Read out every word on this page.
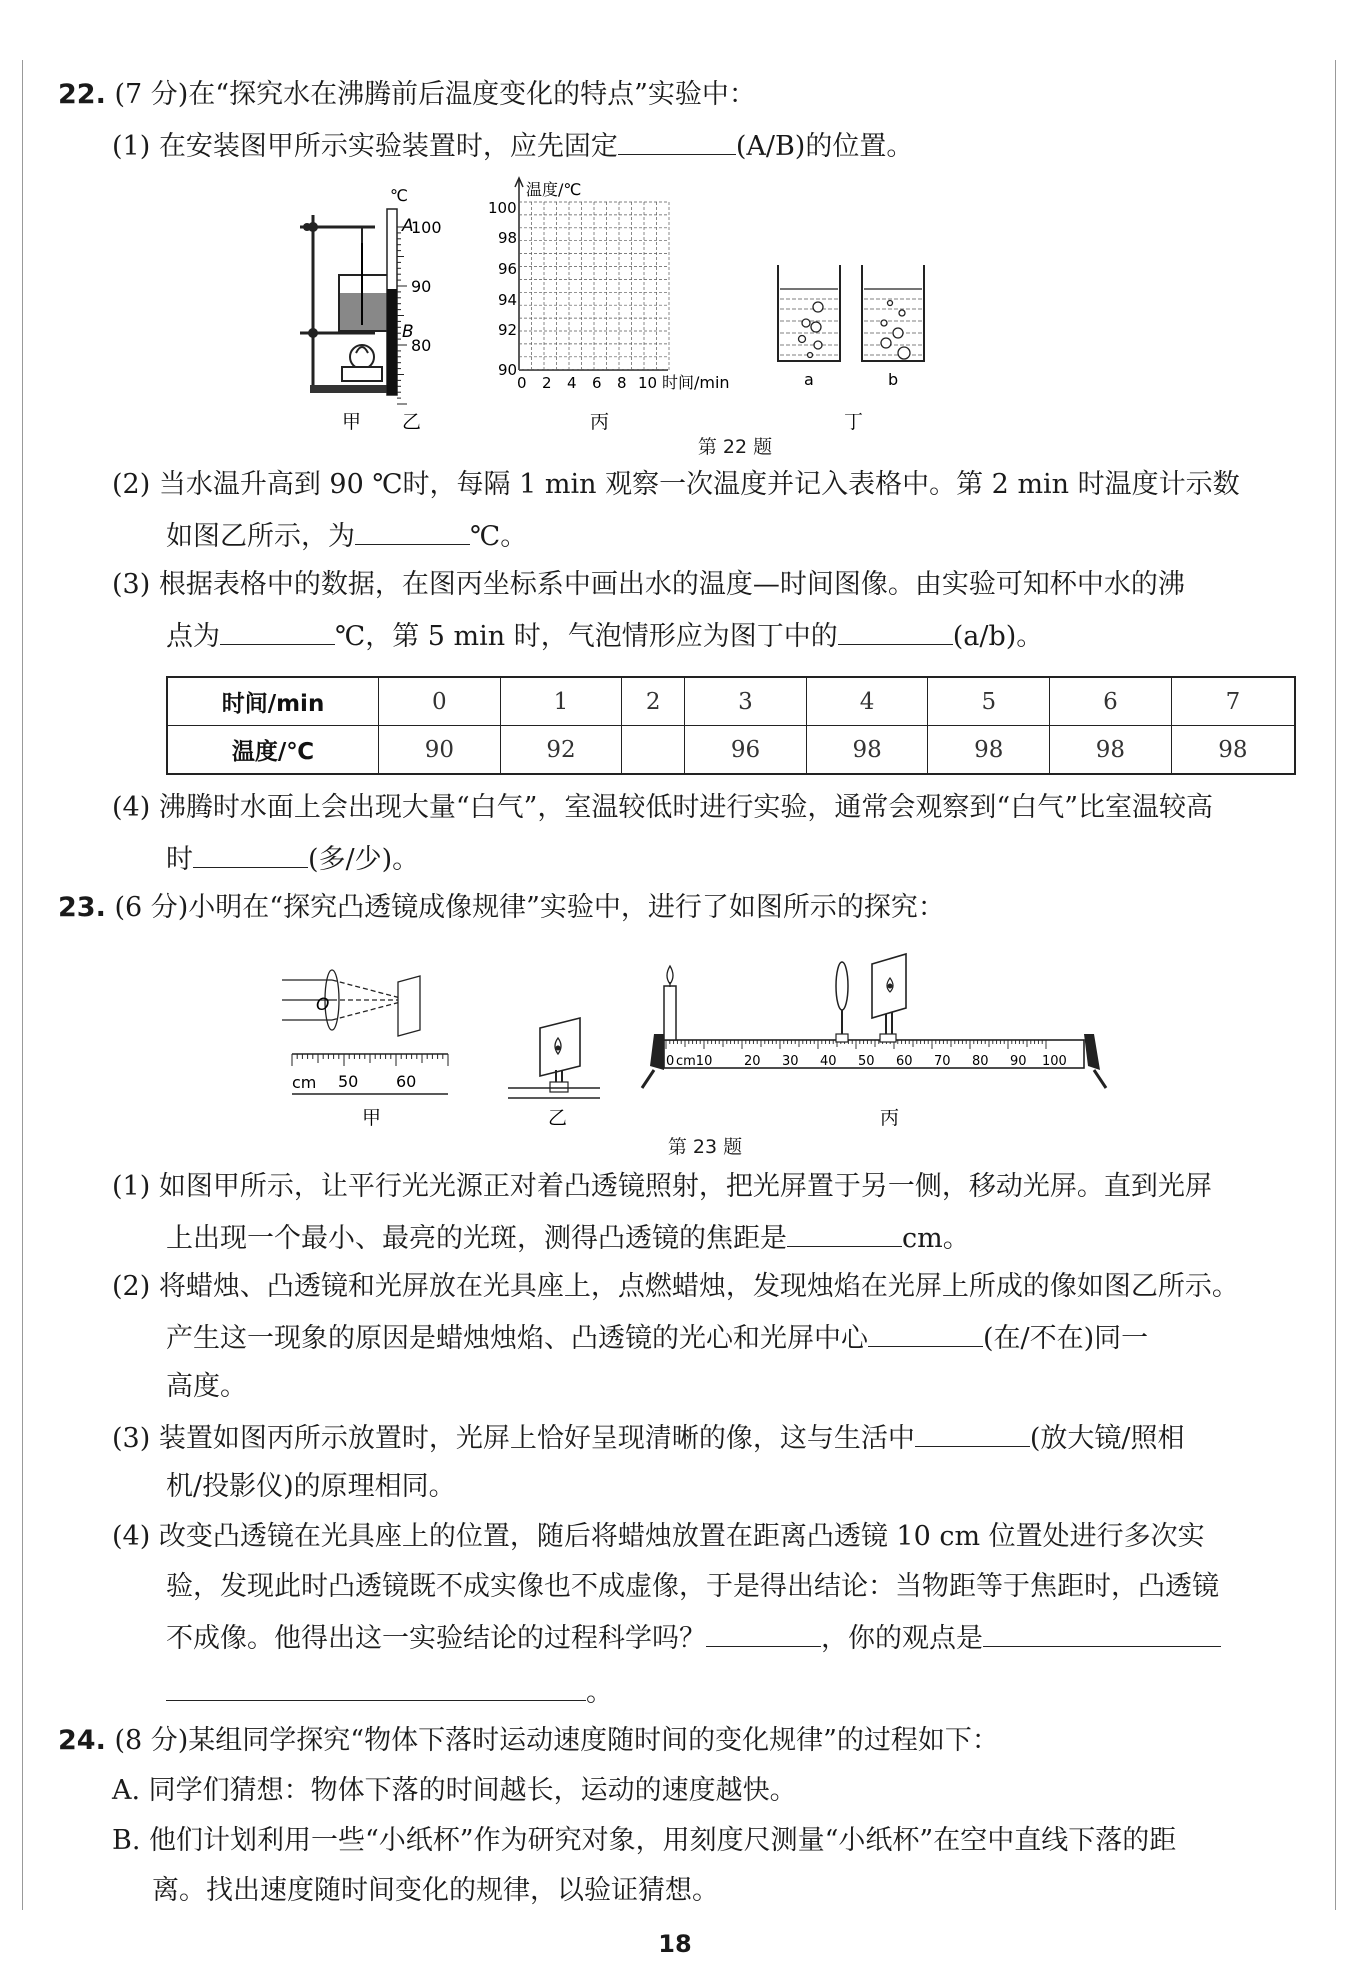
22. (7 分)在“探究水在沸腾前后温度变化的特点”实验中：
(1) 在安装图甲所示实验装置时，应先固定	(A/B)的位置。
A
B
甲
℃
100
90
80
乙
温度/℃
100
98
96
94
92
90
0 2 4 6 8 10 时间/min
丙
a	b
丁
第 22 题
(2) 当水温升高到 90 ℃时，每隔 1 min 观察一次温度并记入表格中。第 2 min 时温度计示数
如图乙所示，为	℃。
(3) 根据表格中的数据，在图丙坐标系中画出水的温度—时间图像。由实验可知杯中水的沸
点为	℃，第 5 min 时，气泡情形应为图丁中的	(a/b)。
时间/min	0	1	2	3	4	5	6	7
温度/℃	90	92		96	98	98	98	98
(4) 沸腾时水面上会出现大量“白气”，室温较低时进行实验，通常会观察到“白气”比室温较高
时	(多/少)。
23. (6 分)小明在“探究凸透镜成像规律”实验中，进行了如图所示的探究：
O
cm 50 60
甲	乙
0 cm10 20 30 40 50 60 70 80 90 100
丙
第 23 题
(1) 如图甲所示，让平行光光源正对着凸透镜照射，把光屏置于另一侧，移动光屏。直到光屏
上出现一个最小、最亮的光斑，测得凸透镜的焦距是	cm。
(2) 将蜡烛、凸透镜和光屏放在光具座上，点燃蜡烛，发现烛焰在光屏上所成的像如图乙所示。
产生这一现象的原因是蜡烛烛焰、凸透镜的光心和光屏中心	(在/不在)同一
高度。
(3) 装置如图丙所示放置时，光屏上恰好呈现清晰的像，这与生活中	(放大镜/照相
机/投影仪)的原理相同。
(4) 改变凸透镜在光具座上的位置，随后将蜡烛放置在距离凸透镜 10 cm 位置处进行多次实
验，发现此时凸透镜既不成实像也不成虚像，于是得出结论：当物距等于焦距时，凸透镜
不成像。他得出这一实验结论的过程科学吗？	，你的观点是
。
24. (8 分)某组同学探究“物体下落时运动速度随时间的变化规律”的过程如下：
A. 同学们猜想：物体下落的时间越长，运动的速度越快。
B. 他们计划利用一些“小纸杯”作为研究对象，用刻度尺测量“小纸杯”在空中直线下落的距
离。找出速度随时间变化的规律，以验证猜想。
18
